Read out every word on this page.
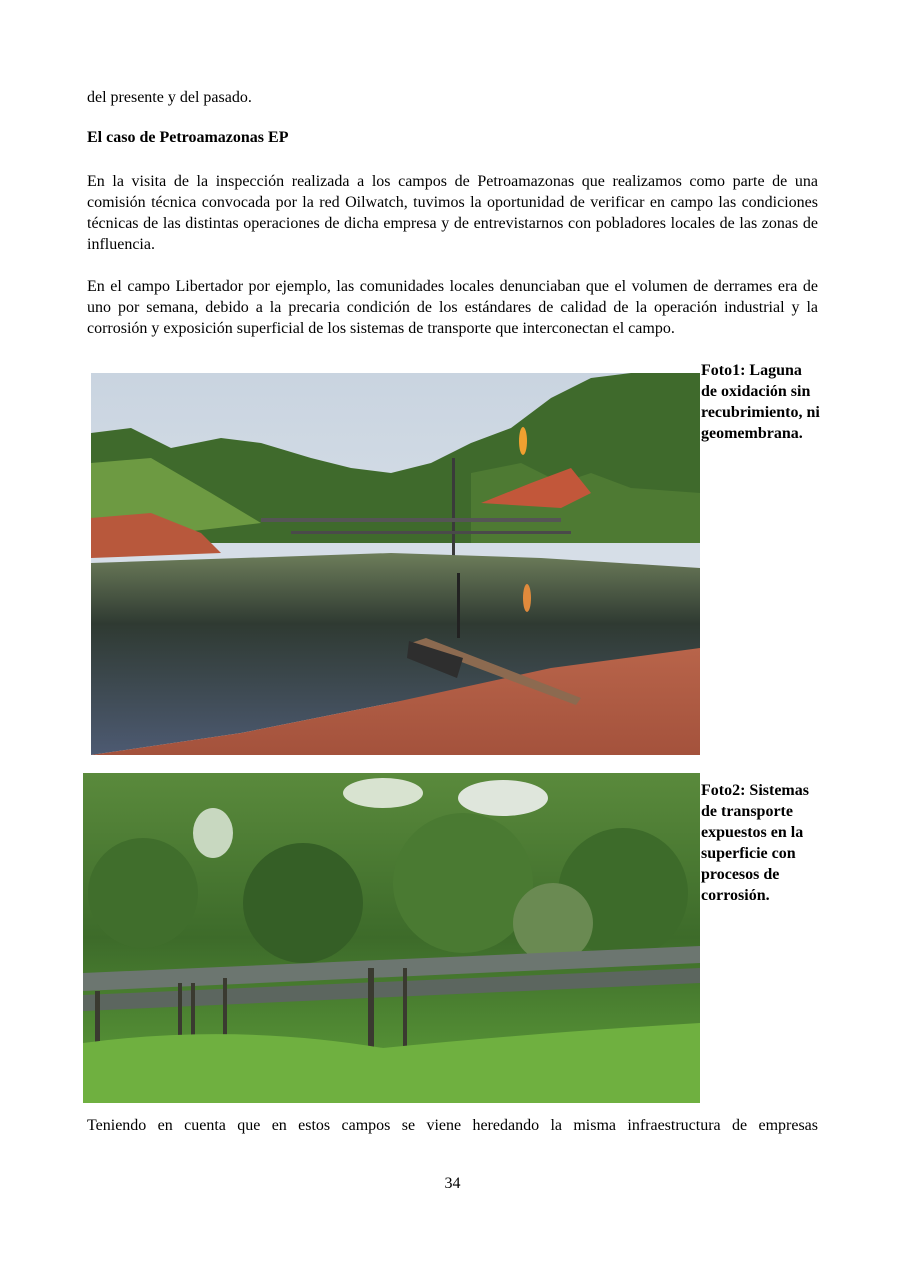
del presente y del pasado.

El caso de Petroamazonas EP

En la visita de la inspección realizada a los campos de Petroamazonas que realizamos como parte de una comisión técnica convocada por la red Oilwatch, tuvimos la oportunidad de verificar en campo las condiciones técnicas de las distintas operaciones de dicha empresa y de entrevistarnos con pobladores locales de las zonas de influencia.

En el campo Libertador por ejemplo, las comunidades locales denunciaban que el volumen de derrames era de uno por semana, debido a la precaria condición de los estándares de calidad de la operación industrial y la corrosión y exposición superficial de los sistemas de transporte que interconectan el campo.

Foto1: Laguna de oxidación sin recubrimiento, ni geomembrana.

Foto2: Sistemas de transporte expuestos en la superficie con procesos de corrosión.

Teniendo en cuenta que en estos campos se viene heredando la misma infraestructura de empresas

34
